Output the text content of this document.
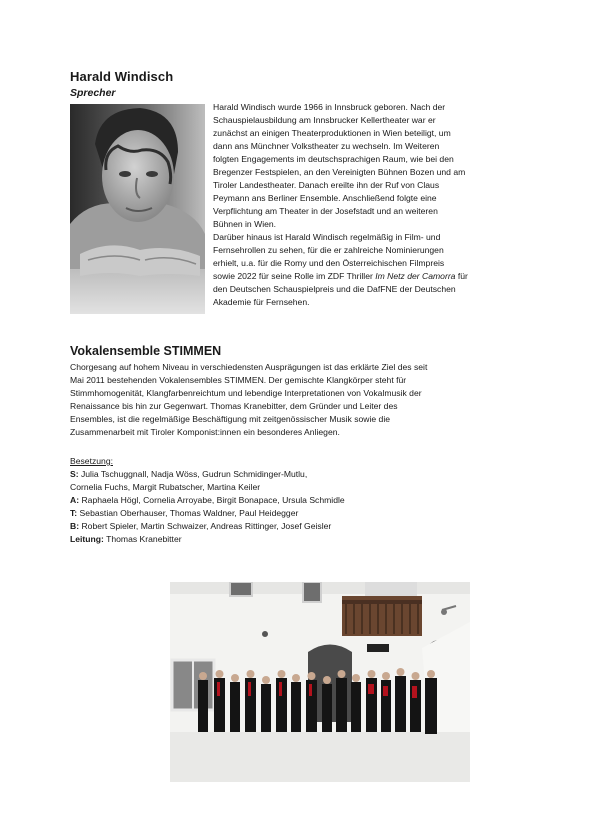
Harald Windisch
Sprecher
Harald Windisch wurde 1966 in Innsbruck geboren. Nach der
Schauspielausbildung am Innsbrucker Kellertheater war er
zunächst an einigen Theaterproduktionen in Wien beteiligt, um
dann ans Münchner Volkstheater zu wechseln. Im Weiteren
folgten Engagements im deutschsprachigen Raum, wie bei den
Bregenzer Festspielen, an den Vereinigten Bühnen Bozen und am
Tiroler Landestheater. Danach ereilte ihn der Ruf von Claus
Peymann ans Berliner Ensemble. Anschließend folgte eine
Verpflichtung am Theater in der Josefstadt und an weiteren
Bühnen in Wien.
Darüber hinaus ist Harald Windisch regelmäßig in Film- und
Fernsehrollen zu sehen, für die er zahlreiche Nominierungen
erhielt, u.a. für die Romy und den Österreichischen Filmpreis
sowie 2022 für seine Rolle im ZDF Thriller Im Netz der Camorra für
den Deutschen Schauspielpreis und die DafFNE der Deutschen
Akademie für Fernsehen.
Vokalensemble STIMMEN
Chorgesang auf hohem Niveau in verschiedensten Ausprägungen ist das erklärte Ziel des seit
Mai 2011 bestehenden Vokalensembles STIMMEN. Der gemischte Klangkörper steht für
Stimmhomogenität, Klangfarbenreichtum und lebendige Interpretationen von Vokalmusik der
Renaissance bis hin zur Gegenwart. Thomas Kranebitter, dem Gründer und Leiter des
Ensembles, ist die regelmäßige Beschäftigung mit zeitgenössischer Musik sowie die
Zusammenarbeit mit Tiroler Komponist:innen ein besonderes Anliegen.
Besetzung:
S: Julia Tschuggnall, Nadja Wöss, Gudrun Schmidinger-Mutlu,
Cornelia Fuchs, Margit Rubatscher, Martina Keiler
A: Raphaela Högl, Cornelia Arroyabe, Birgit Bonapace, Ursula Schmidle
T: Sebastian Oberhauser, Thomas Waldner, Paul Heidegger
B: Robert Spieler, Martin Schwaizer, Andreas Rittinger, Josef Geisler
Leitung: Thomas Kranebitter
